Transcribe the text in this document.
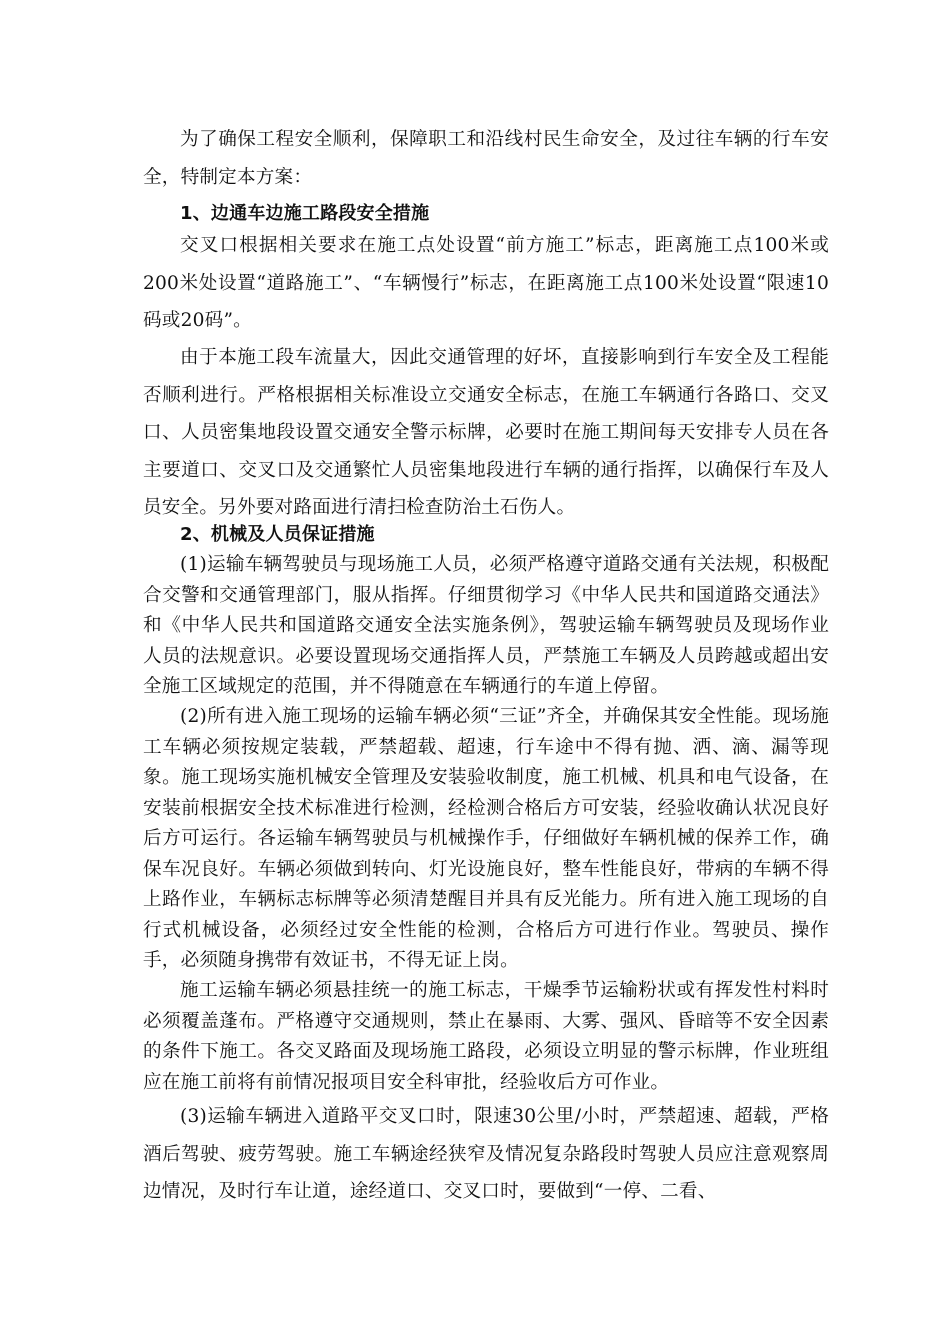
为了确保工程安全顺利，保障职工和沿线村民生命安全，及过往车辆的行车安全，特制定本方案：

1、边通车边施工路段安全措施

交叉口根据相关要求在施工点处设置“前方施工”标志，距离施工点100米或200米处设置“道路施工”、“车辆慢行”标志，在距离施工点100米处设置“限速10码或20码”。

由于本施工段车流量大，因此交通管理的好坏，直接影响到行车安全及工程能否顺利进行。严格根据相关标准设立交通安全标志，在施工车辆通行各路口、交叉口、人员密集地段设置交通安全警示标牌，必要时在施工期间每天安排专人员在各主要道口、交叉口及交通繁忙人员密集地段进行车辆的通行指挥，以确保行车及人员安全。另外要对路面进行清扫检查防治土石伤人。

2、机械及人员保证措施

(1)运输车辆驾驶员与现场施工人员，必须严格遵守道路交通有关法规，积极配合交警和交通管理部门，服从指挥。仔细贯彻学习《中华人民共和国道路交通法》和《中华人民共和国道路交通安全法实施条例》，驾驶运输车辆驾驶员及现场作业人员的法规意识。必要设置现场交通指挥人员，严禁施工车辆及人员跨越或超出安全施工区域规定的范围，并不得随意在车辆通行的车道上停留。

(2)所有进入施工现场的运输车辆必须“三证”齐全，并确保其安全性能。现场施工车辆必须按规定装载，严禁超载、超速，行车途中不得有抛、洒、滴、漏等现象。施工现场实施机械安全管理及安装验收制度，施工机械、机具和电气设备，在安装前根据安全技术标准进行检测，经检测合格后方可安装，经验收确认状况良好后方可运行。各运输车辆驾驶员与机械操作手，仔细做好车辆机械的保养工作，确保车况良好。车辆必须做到转向、灯光设施良好，整车性能良好，带病的车辆不得上路作业，车辆标志标牌等必须清楚醒目并具有反光能力。所有进入施工现场的自行式机械设备，必须经过安全性能的检测，合格后方可进行作业。驾驶员、操作手，必须随身携带有效证书，不得无证上岗。

施工运输车辆必须悬挂统一的施工标志，干燥季节运输粉状或有挥发性村料时必须覆盖蓬布。严格遵守交通规则，禁止在暴雨、大雾、强风、昏暗等不安全因素的条件下施工。各交叉路面及现场施工路段，必须设立明显的警示标牌，作业班组应在施工前将有前情况报项目安全科审批，经验收后方可作业。

(3)运输车辆进入道路平交叉口时，限速30公里/小时，严禁超速、超载，严格酒后驾驶、疲劳驾驶。施工车辆途经狭窄及情况复杂路段时驾驶人员应注意观察周边情况，及时行车让道，途经道口、交叉口时，要做到“一停、二看、
